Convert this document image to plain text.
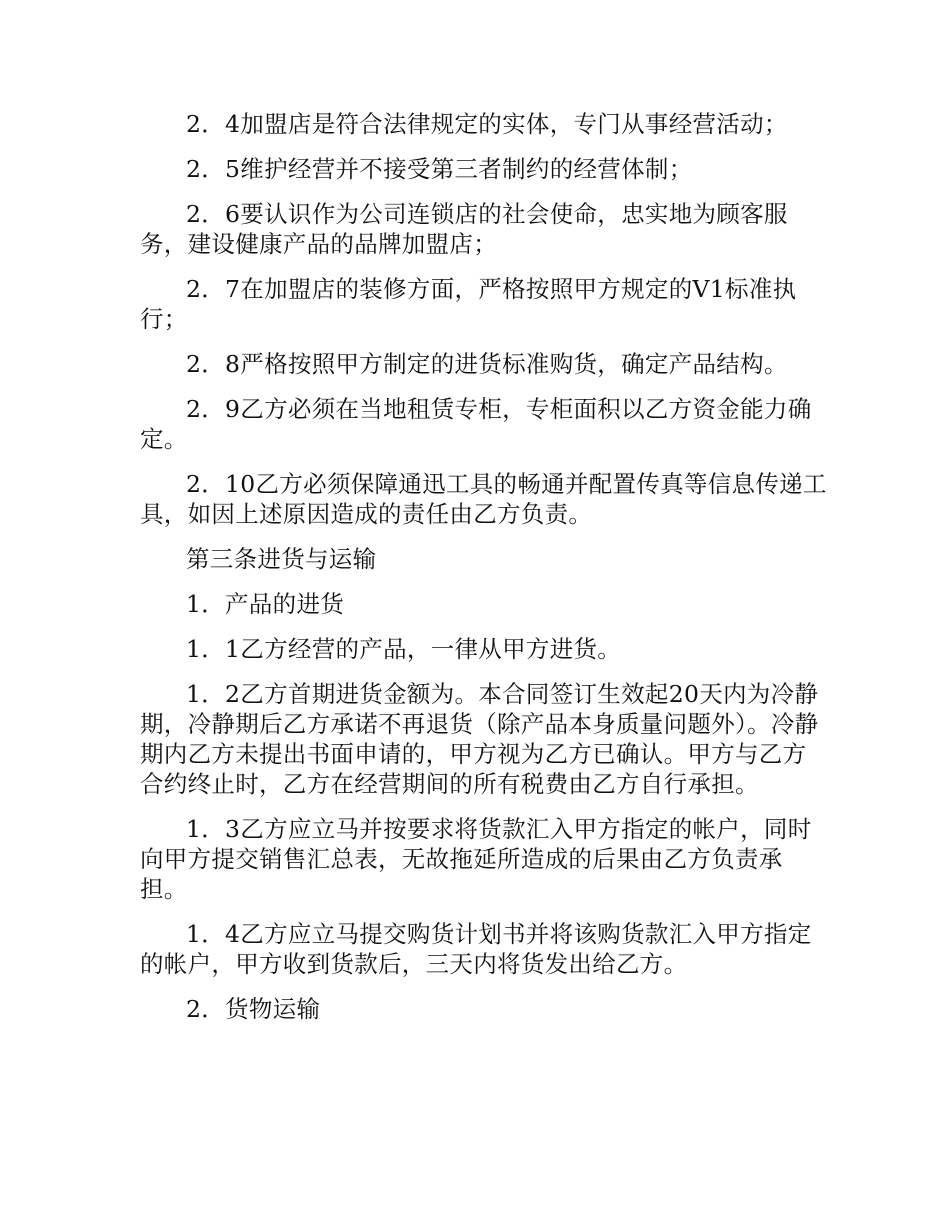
2．4加盟店是符合法律规定的实体，专门从事经营活动；

2．5维护经营并不接受第三者制约的经营体制；

2．6要认识作为公司连锁店的社会使命，忠实地为顾客服务，建设健康产品的品牌加盟店；

2．7在加盟店的装修方面，严格按照甲方规定的V1标准执行；

2．8严格按照甲方制定的进货标准购货，确定产品结构。

2．9乙方必须在当地租赁专柜，专柜面积以乙方资金能力确定。

2．10乙方必须保障通迅工具的畅通并配置传真等信息传递工具，如因上述原因造成的责任由乙方负责。

第三条进货与运输

1．产品的进货

1．1乙方经营的产品，一律从甲方进货。

1．2乙方首期进货金额为。本合同签订生效起20天内为冷静期，冷静期后乙方承诺不再退货（除产品本身质量问题外）。冷静期内乙方未提出书面申请的，甲方视为乙方已确认。甲方与乙方合约终止时，乙方在经营期间的所有税费由乙方自行承担。

1．3乙方应立马并按要求将货款汇入甲方指定的帐户，同时向甲方提交销售汇总表，无故拖延所造成的后果由乙方负责承担。

1．4乙方应立马提交购货计划书并将该购货款汇入甲方指定的帐户，甲方收到货款后，三天内将货发出给乙方。

2．货物运输
